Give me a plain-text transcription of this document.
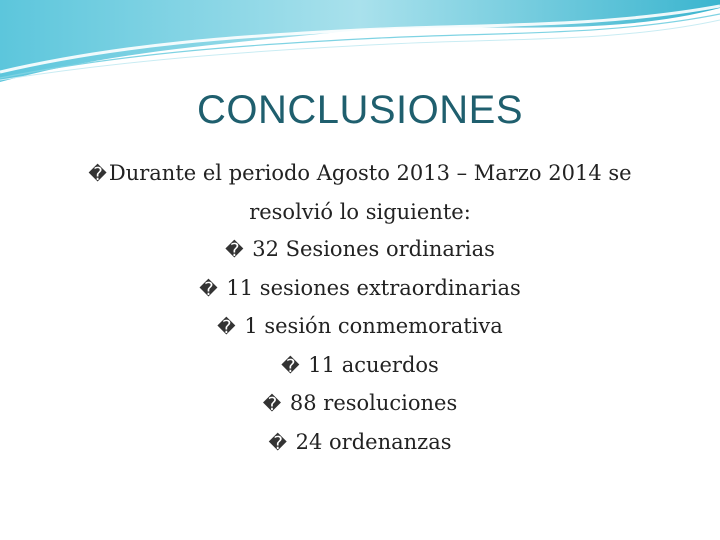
CONCLUSIONES
�Durante el periodo Agosto 2013 – Marzo 2014 se
resolvió lo siguiente:
� 32 Sesiones ordinarias
� 11 sesiones extraordinarias
� 1 sesión conmemorativa
� 11 acuerdos
� 88 resoluciones
� 24 ordenanzas
